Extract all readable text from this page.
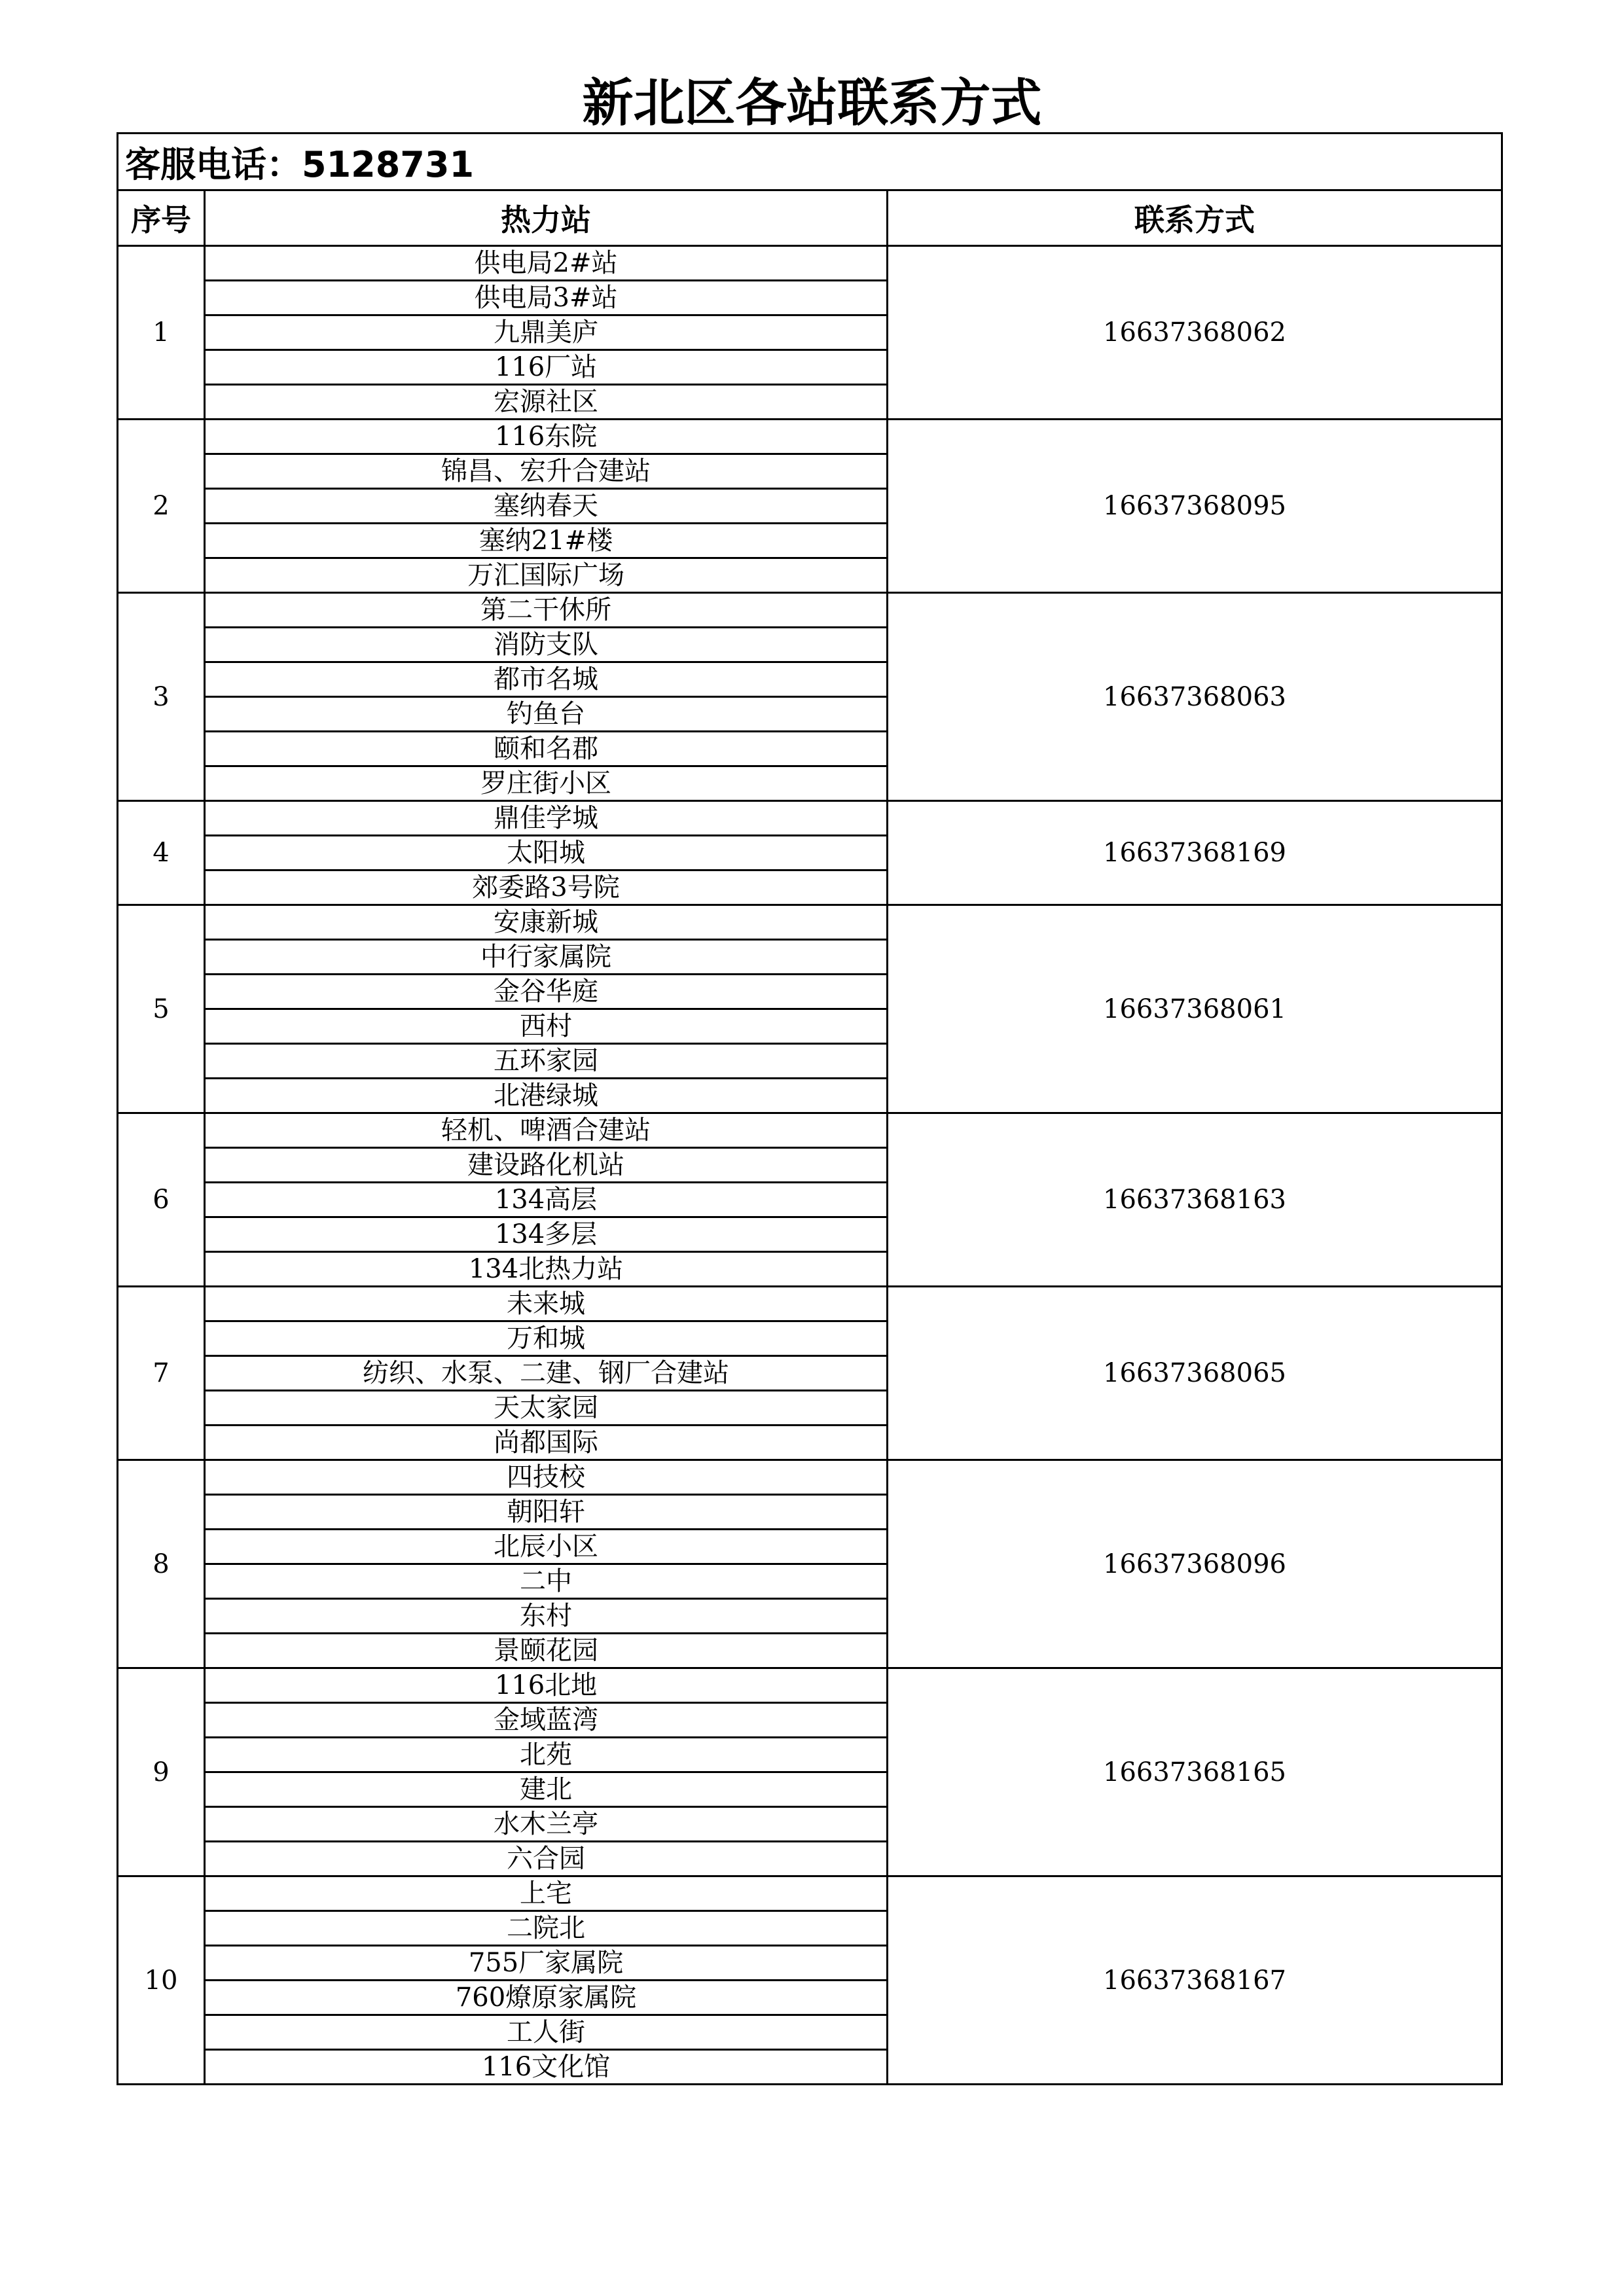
新北区各站联系方式
客服电话：5128731		
序号	热力站	联系方式
1	供电局2#站	16637368062
	供电局3#站	
	九鼎美庐	
	116厂站	
	宏源社区	
2	116东院	16637368095
	锦昌、宏升合建站	
	塞纳春天	
	塞纳21#楼	
	万汇国际广场	
3	第二干休所	16637368063
	消防支队	
	都市名城	
	钓鱼台	
	颐和名郡	
	罗庄街小区	
4	鼎佳学城	16637368169
	太阳城	
	郊委路3号院	
5	安康新城	16637368061
	中行家属院	
	金谷华庭	
	西村	
	五环家园	
	北港绿城	
6	轻机、啤酒合建站	16637368163
	建设路化机站	
	134高层	
	134多层	
	134北热力站	
7	未来城	16637368065
	万和城	
	纺织、水泵、二建、钢厂合建站	
	天太家园	
	尚都国际	
8	四技校	16637368096
	朝阳轩	
	北辰小区	
	二中	
	东村	
	景颐花园	
9	116北地	16637368165
	金域蓝湾	
	北苑	
	建北	
	水木兰亭	
	六合园	
10	上宅	16637368167
	二院北	
	755厂家属院	
	760燎原家属院	
	工人街	
	116文化馆	
